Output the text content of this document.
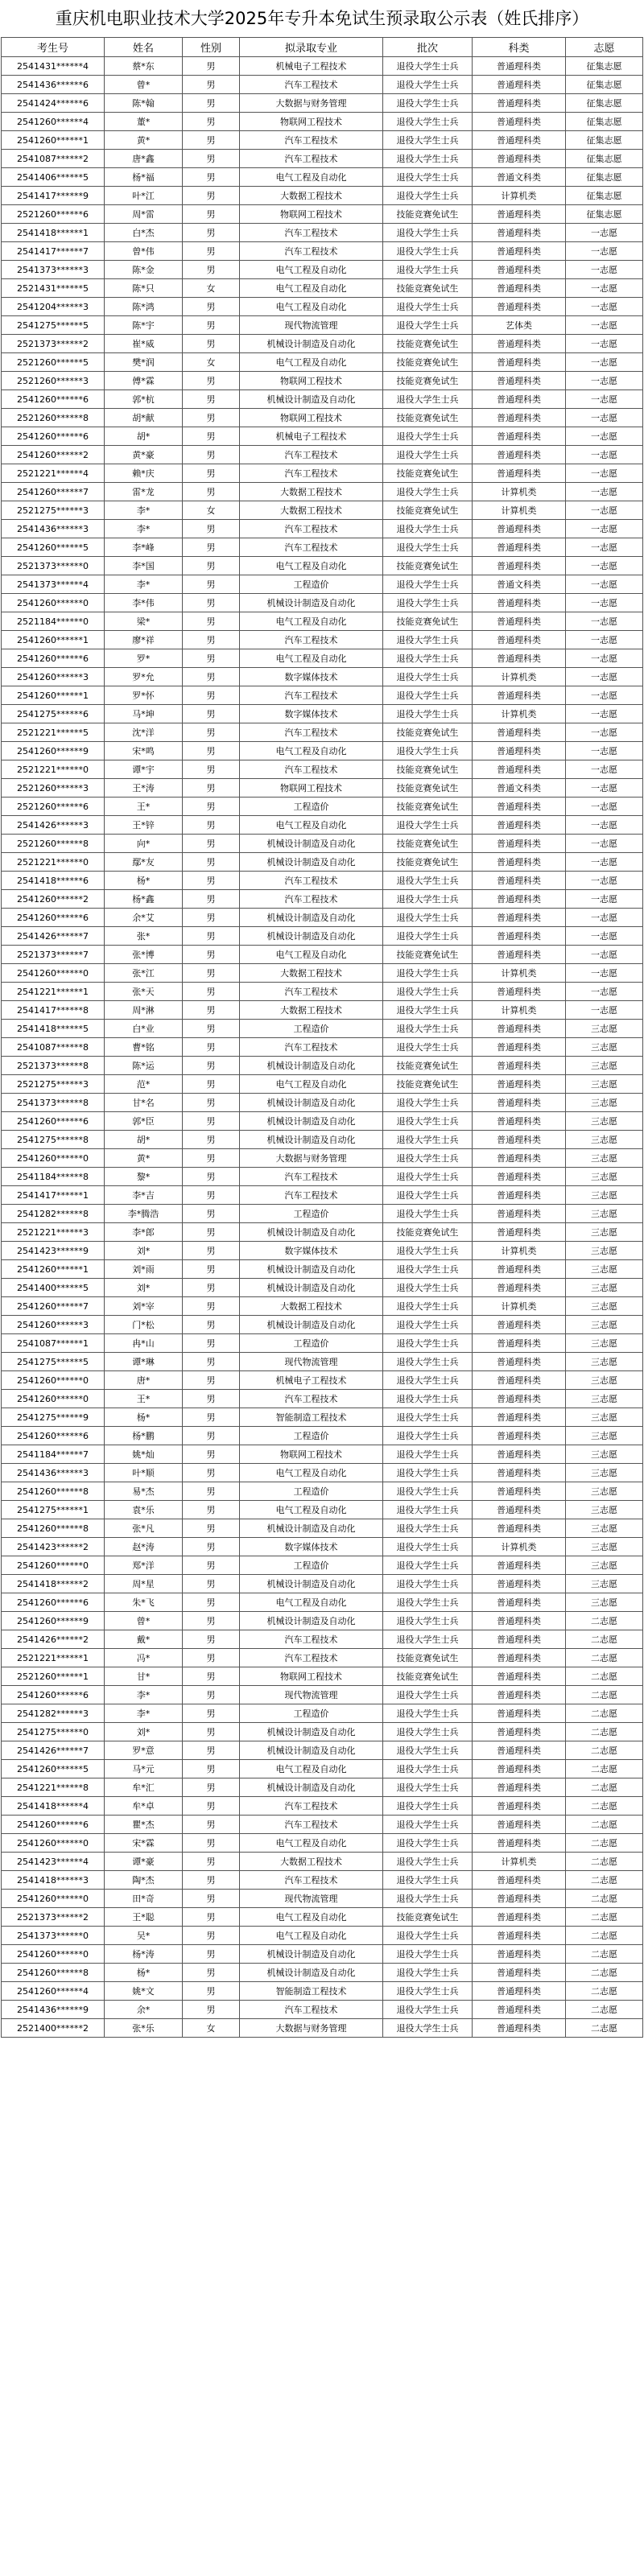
重庆机电职业技术大学2025年专升本免试生预录取公示表（姓氏排序）
考生号	姓名	性别	拟录取专业	批次	科类	志愿
2541431******4	蔡*东	男	机械电子工程技术	退役大学生士兵	普通理科类	征集志愿
2541436******6	曾*	男	汽车工程技术	退役大学生士兵	普通理科类	征集志愿
2541424******6	陈*翰	男	大数据与财务管理	退役大学生士兵	普通理科类	征集志愿
2541260******4	董*	男	物联网工程技术	退役大学生士兵	普通理科类	征集志愿
2541260******1	黄*	男	汽车工程技术	退役大学生士兵	普通理科类	征集志愿
2541087******2	唐*鑫	男	汽车工程技术	退役大学生士兵	普通理科类	征集志愿
2541406******5	杨*福	男	电气工程及自动化	退役大学生士兵	普通文科类	征集志愿
2541417******9	叶*江	男	大数据工程技术	退役大学生士兵	计算机类	征集志愿
2521260******6	周*雷	男	物联网工程技术	技能竞赛免试生	普通理科类	征集志愿
2541418******1	白*杰	男	汽车工程技术	退役大学生士兵	普通理科类	一志愿
2541417******7	曾*伟	男	汽车工程技术	退役大学生士兵	普通理科类	一志愿
2541373******3	陈*金	男	电气工程及自动化	退役大学生士兵	普通理科类	一志愿
2521431******5	陈*只	女	电气工程及自动化	技能竞赛免试生	普通理科类	一志愿
2541204******3	陈*鸿	男	电气工程及自动化	退役大学生士兵	普通理科类	一志愿
2541275******5	陈*宇	男	现代物流管理	退役大学生士兵	艺体类	一志愿
2521373******2	崔*威	男	机械设计制造及自动化	技能竞赛免试生	普通理科类	一志愿
2521260******5	樊*润	女	电气工程及自动化	技能竞赛免试生	普通理科类	一志愿
2521260******3	傅*霖	男	物联网工程技术	技能竞赛免试生	普通理科类	一志愿
2541260******6	郭*杭	男	机械设计制造及自动化	退役大学生士兵	普通理科类	一志愿
2521260******8	胡*献	男	物联网工程技术	技能竞赛免试生	普通理科类	一志愿
2541260******6	胡*	男	机械电子工程技术	退役大学生士兵	普通理科类	一志愿
2541260******2	黄*豪	男	汽车工程技术	退役大学生士兵	普通理科类	一志愿
2521221******4	赖*庆	男	汽车工程技术	技能竞赛免试生	普通理科类	一志愿
2541260******7	雷*龙	男	大数据工程技术	退役大学生士兵	计算机类	一志愿
2521275******3	李*	女	大数据工程技术	技能竞赛免试生	计算机类	一志愿
2541436******3	李*	男	汽车工程技术	退役大学生士兵	普通理科类	一志愿
2541260******5	李*峰	男	汽车工程技术	退役大学生士兵	普通理科类	一志愿
2521373******0	李*国	男	电气工程及自动化	技能竞赛免试生	普通理科类	一志愿
2541373******4	李*	男	工程造价	退役大学生士兵	普通文科类	一志愿
2541260******0	李*伟	男	机械设计制造及自动化	退役大学生士兵	普通理科类	一志愿
2521184******0	梁*	男	电气工程及自动化	技能竞赛免试生	普通理科类	一志愿
2541260******1	廖*祥	男	汽车工程技术	退役大学生士兵	普通理科类	一志愿
2541260******6	罗*	男	电气工程及自动化	退役大学生士兵	普通理科类	一志愿
2541260******3	罗*允	男	数字媒体技术	退役大学生士兵	计算机类	一志愿
2541260******1	罗*怀	男	汽车工程技术	退役大学生士兵	普通理科类	一志愿
2541275******6	马*坤	男	数字媒体技术	退役大学生士兵	计算机类	一志愿
2521221******5	沈*洋	男	汽车工程技术	技能竞赛免试生	普通理科类	一志愿
2541260******9	宋*鸣	男	电气工程及自动化	退役大学生士兵	普通理科类	一志愿
2521221******0	谭*宇	男	汽车工程技术	技能竞赛免试生	普通理科类	一志愿
2521260******3	王*涛	男	物联网工程技术	技能竞赛免试生	普通文科类	一志愿
2521260******6	王*	男	工程造价	技能竞赛免试生	普通理科类	一志愿
2541426******3	王*锌	男	电气工程及自动化	退役大学生士兵	普通理科类	一志愿
2521260******8	向*	男	机械设计制造及自动化	技能竞赛免试生	普通理科类	一志愿
2521221******0	鄢*友	男	机械设计制造及自动化	技能竞赛免试生	普通理科类	一志愿
2541418******6	杨*	男	汽车工程技术	退役大学生士兵	普通理科类	一志愿
2541260******2	杨*鑫	男	汽车工程技术	退役大学生士兵	普通理科类	一志愿
2541260******6	余*艾	男	机械设计制造及自动化	退役大学生士兵	普通理科类	一志愿
2541426******7	张*	男	机械设计制造及自动化	退役大学生士兵	普通理科类	一志愿
2521373******7	张*博	男	电气工程及自动化	技能竞赛免试生	普通理科类	一志愿
2541260******0	张*江	男	大数据工程技术	退役大学生士兵	计算机类	一志愿
2541221******1	张*天	男	汽车工程技术	退役大学生士兵	普通理科类	一志愿
2541417******8	周*淋	男	大数据工程技术	退役大学生士兵	计算机类	一志愿
2541418******5	白*业	男	工程造价	退役大学生士兵	普通理科类	三志愿
2541087******8	曹*铭	男	汽车工程技术	退役大学生士兵	普通理科类	三志愿
2521373******8	陈*运	男	机械设计制造及自动化	技能竞赛免试生	普通理科类	三志愿
2521275******3	范*	男	电气工程及自动化	技能竞赛免试生	普通理科类	三志愿
2541373******8	甘*名	男	机械设计制造及自动化	退役大学生士兵	普通理科类	三志愿
2541260******6	郭*臣	男	机械设计制造及自动化	退役大学生士兵	普通理科类	三志愿
2541275******8	胡*	男	机械设计制造及自动化	退役大学生士兵	普通理科类	三志愿
2541260******0	黄*	男	大数据与财务管理	退役大学生士兵	普通理科类	三志愿
2541184******8	黎*	男	汽车工程技术	退役大学生士兵	普通理科类	三志愿
2541417******1	李*吉	男	汽车工程技术	退役大学生士兵	普通理科类	三志愿
2541282******8	李*腾浩	男	工程造价	退役大学生士兵	普通理科类	三志愿
2521221******3	李*郎	男	机械设计制造及自动化	技能竞赛免试生	普通理科类	三志愿
2541423******9	刘*	男	数字媒体技术	退役大学生士兵	计算机类	三志愿
2541260******1	刘*雨	男	机械设计制造及自动化	退役大学生士兵	普通理科类	三志愿
2541400******5	刘*	男	机械设计制造及自动化	退役大学生士兵	普通理科类	三志愿
2541260******7	刘*宰	男	大数据工程技术	退役大学生士兵	计算机类	三志愿
2541260******3	门*松	男	机械设计制造及自动化	退役大学生士兵	普通理科类	三志愿
2541087******1	冉*山	男	工程造价	退役大学生士兵	普通理科类	三志愿
2541275******5	谭*琳	男	现代物流管理	退役大学生士兵	普通理科类	三志愿
2541260******0	唐*	男	机械电子工程技术	退役大学生士兵	普通理科类	三志愿
2541260******0	王*	男	汽车工程技术	退役大学生士兵	普通理科类	三志愿
2541275******9	杨*	男	智能制造工程技术	退役大学生士兵	普通理科类	三志愿
2541260******6	杨*鹏	男	工程造价	退役大学生士兵	普通理科类	三志愿
2541184******7	姚*灿	男	物联网工程技术	退役大学生士兵	普通理科类	三志愿
2541436******3	叶*顺	男	电气工程及自动化	退役大学生士兵	普通理科类	三志愿
2541260******8	易*杰	男	工程造价	退役大学生士兵	普通理科类	三志愿
2541275******1	袁*乐	男	电气工程及自动化	退役大学生士兵	普通理科类	三志愿
2541260******8	张*凡	男	机械设计制造及自动化	退役大学生士兵	普通理科类	三志愿
2541423******2	赵*涛	男	数字媒体技术	退役大学生士兵	计算机类	三志愿
2541260******0	郑*洋	男	工程造价	退役大学生士兵	普通理科类	三志愿
2541418******2	周*星	男	机械设计制造及自动化	退役大学生士兵	普通理科类	三志愿
2541260******6	朱*飞	男	电气工程及自动化	退役大学生士兵	普通理科类	三志愿
2541260******9	曾*	男	机械设计制造及自动化	退役大学生士兵	普通理科类	二志愿
2541426******2	戴*	男	汽车工程技术	退役大学生士兵	普通理科类	二志愿
2521221******1	冯*	男	汽车工程技术	技能竞赛免试生	普通理科类	二志愿
2521260******1	甘*	男	物联网工程技术	技能竞赛免试生	普通理科类	二志愿
2541260******6	李*	男	现代物流管理	退役大学生士兵	普通理科类	二志愿
2541282******3	李*	男	工程造价	退役大学生士兵	普通理科类	二志愿
2541275******0	刘*	男	机械设计制造及自动化	退役大学生士兵	普通理科类	二志愿
2541426******7	罗*意	男	机械设计制造及自动化	退役大学生士兵	普通理科类	二志愿
2541260******5	马*元	男	电气工程及自动化	退役大学生士兵	普通理科类	二志愿
2541221******8	牟*汇	男	机械设计制造及自动化	退役大学生士兵	普通理科类	二志愿
2541418******4	牟*卓	男	汽车工程技术	退役大学生士兵	普通理科类	二志愿
2541260******6	瞿*杰	男	汽车工程技术	退役大学生士兵	普通理科类	二志愿
2541260******0	宋*霖	男	电气工程及自动化	退役大学生士兵	普通理科类	二志愿
2541423******4	谭*豪	男	大数据工程技术	退役大学生士兵	计算机类	二志愿
2541418******3	陶*杰	男	汽车工程技术	退役大学生士兵	普通理科类	二志愿
2541260******0	田*奇	男	现代物流管理	退役大学生士兵	普通理科类	二志愿
2521373******2	王*聪	男	电气工程及自动化	技能竞赛免试生	普通理科类	二志愿
2541373******0	吴*	男	电气工程及自动化	退役大学生士兵	普通理科类	二志愿
2541260******0	杨*涛	男	机械设计制造及自动化	退役大学生士兵	普通理科类	二志愿
2541260******8	杨*	男	机械设计制造及自动化	退役大学生士兵	普通理科类	二志愿
2541260******4	姚*文	男	智能制造工程技术	退役大学生士兵	普通理科类	二志愿
2541436******9	余*	男	汽车工程技术	退役大学生士兵	普通理科类	二志愿
2521400******2	张*乐	女	大数据与财务管理	退役大学生士兵	普通理科类	二志愿
